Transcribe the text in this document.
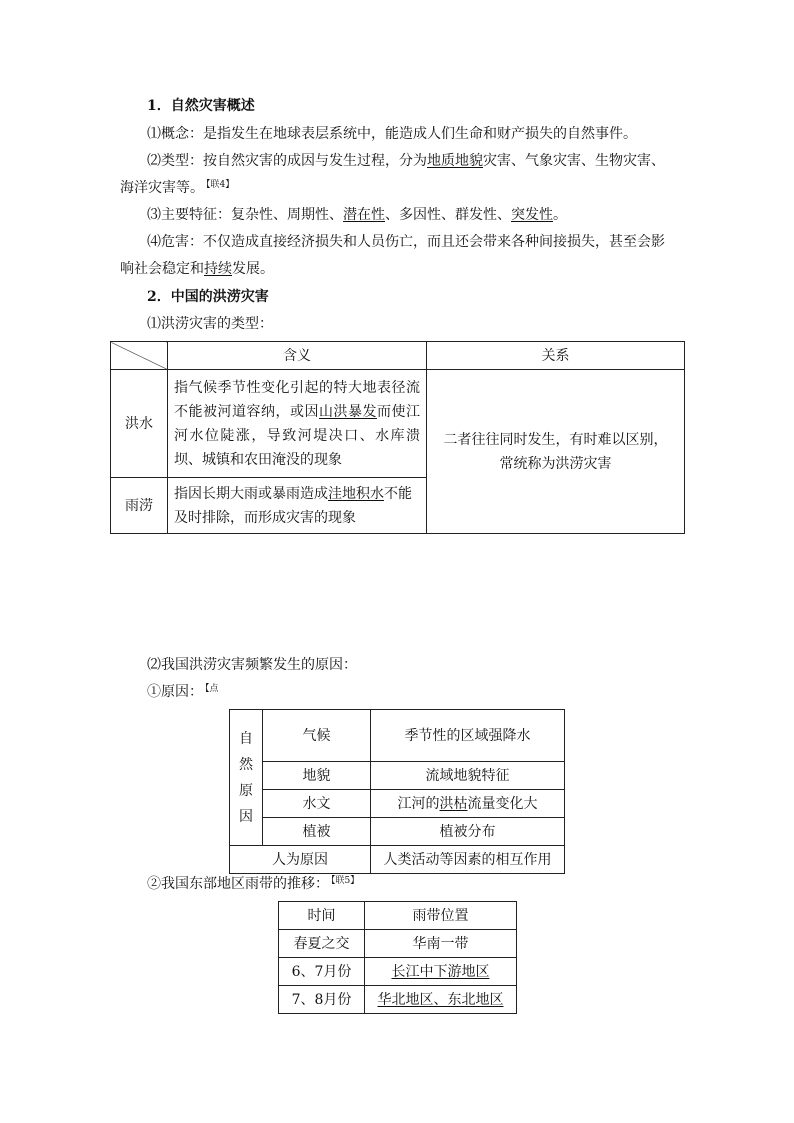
1．自然灾害概述
⑴概念：是指发生在地球表层系统中，能造成人们生命和财产损失的自然事件。
⑵类型：按自然灾害的成因与发生过程，分为地质地貌灾害、气象灾害、生物灾害、
海洋灾害等。 $^{【联4】}$
⑶主要特征：复杂性、周期性、潜在性、多因性、群发性、突发性。
⑷危害：不仅造成直接经济损失和人员伤亡，而且还会带来各种间接损失，甚至会影
响社会稳定和持续发展。
2．中国的洪涝灾害
⑴洪涝灾害的类型：
	含义	关系
洪水	指气候季节性变化引起的特大地表径流不能被河道容纳，或因山洪暴发而使江河水位陡涨，导致河堤决口、水库溃坝、城镇和农田淹没的现象	二者往往同时发生，有时难以区别，常统称为洪涝灾害
雨涝	指因长期大雨或暴雨造成洼地积水不能及时排除，而形成灾害的现象	
⑵我国洪涝灾害频繁发生的原因：
①原因： $^{【点}$
自
然
原
因	气候	季节性的区域强降水
	地貌	流域地貌特征
	水文	江河的洪枯流量变化大
	植被	植被分布
人为原因		人类活动等因素的相互作用
②我国东部地区雨带的推移： $^{【联5】}$
时间	雨带位置
春夏之交	华南一带
6、7月份	长江中下游地区
7、8月份	华北地区、东北地区
